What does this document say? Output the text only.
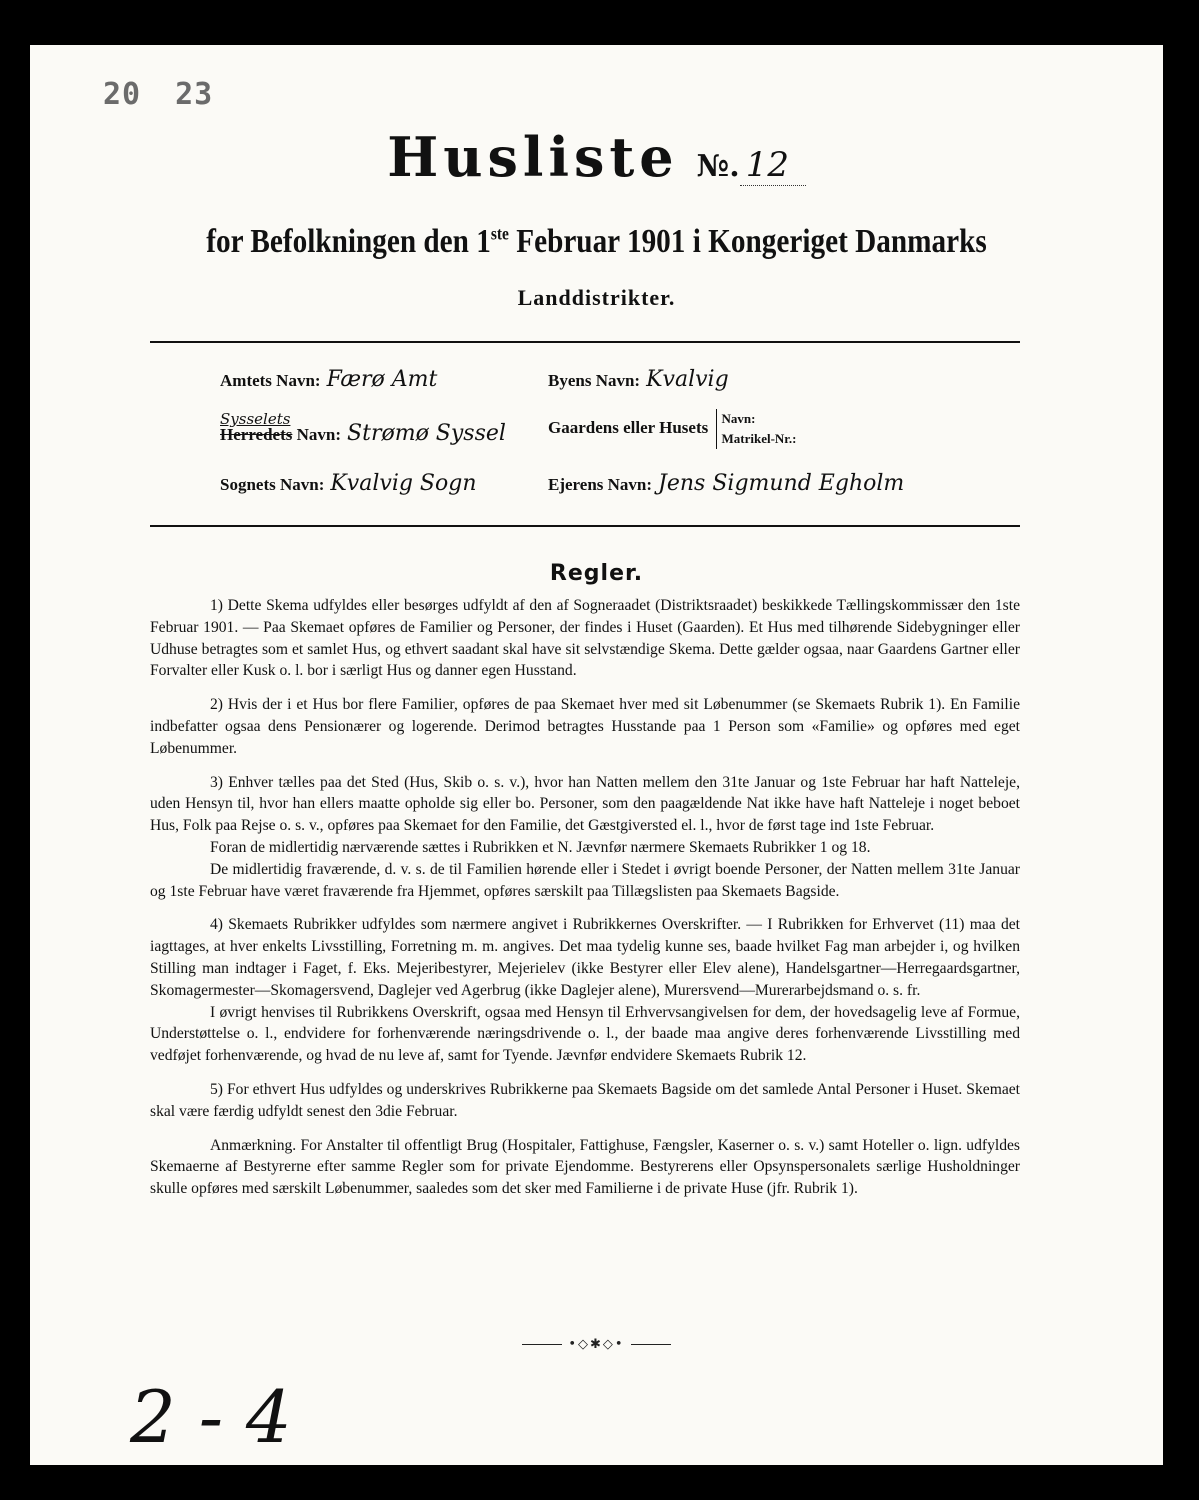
20 23
Husliste №. 12
for Befolkningen den 1ste Februar 1901 i Kongeriget Danmarks
Landdistrikter.
Amtets Navn: Færø Amt
Sysselets
Herredets Navn: Strømø Syssel
Sognets Navn: Kvalvig Sogn
Byens Navn: Kvalvig
Gaardens eller Husets Navn:
Matrikel-Nr.:
Ejerens Navn: Jens Sigmund Egholm
Regler.

1) Dette Skema udfyldes eller besørges udfyldt af den af Sogneraadet (Distriktsraadet) beskikkede Tællingskommissær den 1ste Februar 1901. — Paa Skemaet opføres de Familier og Personer, der findes i Huset (Gaarden). Et Hus med tilhørende Sidebygninger eller Udhuse betragtes som et samlet Hus, og ethvert saadant skal have sit selvstændige Skema. Dette gælder ogsaa, naar Gaardens Gartner eller Forvalter eller Kusk o. l. bor i særligt Hus og danner egen Husstand.

2) Hvis der i et Hus bor flere Familier, opføres de paa Skemaet hver med sit Løbenummer (se Skemaets Rubrik 1). En Familie indbefatter ogsaa dens Pensionærer og logerende. Derimod betragtes Husstande paa 1 Person som «Familie» og opføres med eget Løbenummer.

3) Enhver tælles paa det Sted (Hus, Skib o. s. v.), hvor han Natten mellem den 31te Januar og 1ste Februar har haft Natteleje, uden Hensyn til, hvor han ellers maatte opholde sig eller bo. Personer, som den paagældende Nat ikke have haft Natteleje i noget beboet Hus, Folk paa Rejse o. s. v., opføres paa Skemaet for den Familie, det Gæstgiversted el. l., hvor de først tage ind 1ste Februar.

Foran de midlertidig nærværende sættes i Rubrikken et N. Jævnfør nærmere Skemaets Rubrikker 1 og 18.

De midlertidig fraværende, d. v. s. de til Familien hørende eller i Stedet i øvrigt boende Personer, der Natten mellem 31te Januar og 1ste Februar have været fraværende fra Hjemmet, opføres særskilt paa Tillægslisten paa Skemaets Bagside.

4) Skemaets Rubrikker udfyldes som nærmere angivet i Rubrikkernes Overskrifter. — I Rubrikken for Erhvervet (11) maa det iagttages, at hver enkelts Livsstilling, Forretning m. m. angives. Det maa tydelig kunne ses, baade hvilket Fag man arbejder i, og hvilken Stilling man indtager i Faget, f. Eks. Mejeribestyrer, Mejerielev (ikke Bestyrer eller Elev alene), Handelsgartner—Herregaardsgartner, Skomagermester—Skomagersvend, Daglejer ved Agerbrug (ikke Daglejer alene), Murersvend—Murerarbejdsmand o. s. fr.

I øvrigt henvises til Rubrikkens Overskrift, ogsaa med Hensyn til Erhvervsangivelsen for dem, der hovedsagelig leve af Formue, Understøttelse o. l., endvidere for forhenværende næringsdrivende o. l., der baade maa angive deres forhenværende Livsstilling med vedføjet forhenværende, og hvad de nu leve af, samt for Tyende. Jævnfør endvidere Skemaets Rubrik 12.

5) For ethvert Hus udfyldes og underskrives Rubrikkerne paa Skemaets Bagside om det samlede Antal Personer i Huset. Skemaet skal være færdig udfyldt senest den 3die Februar.

Anmærkning. For Anstalter til offentligt Brug (Hospitaler, Fattighuse, Fængsler, Kaserner o. s. v.) samt Hoteller o. lign. udfyldes Skemaerne af Bestyrerne efter samme Regler som for private Ejendomme. Bestyrerens eller Opsynspersonalets særlige Husholdninger skulle opføres med særskilt Løbenummer, saaledes som det sker med Familierne i de private Huse (jfr. Rubrik 1).

•◇✱◇•
2 - 4
